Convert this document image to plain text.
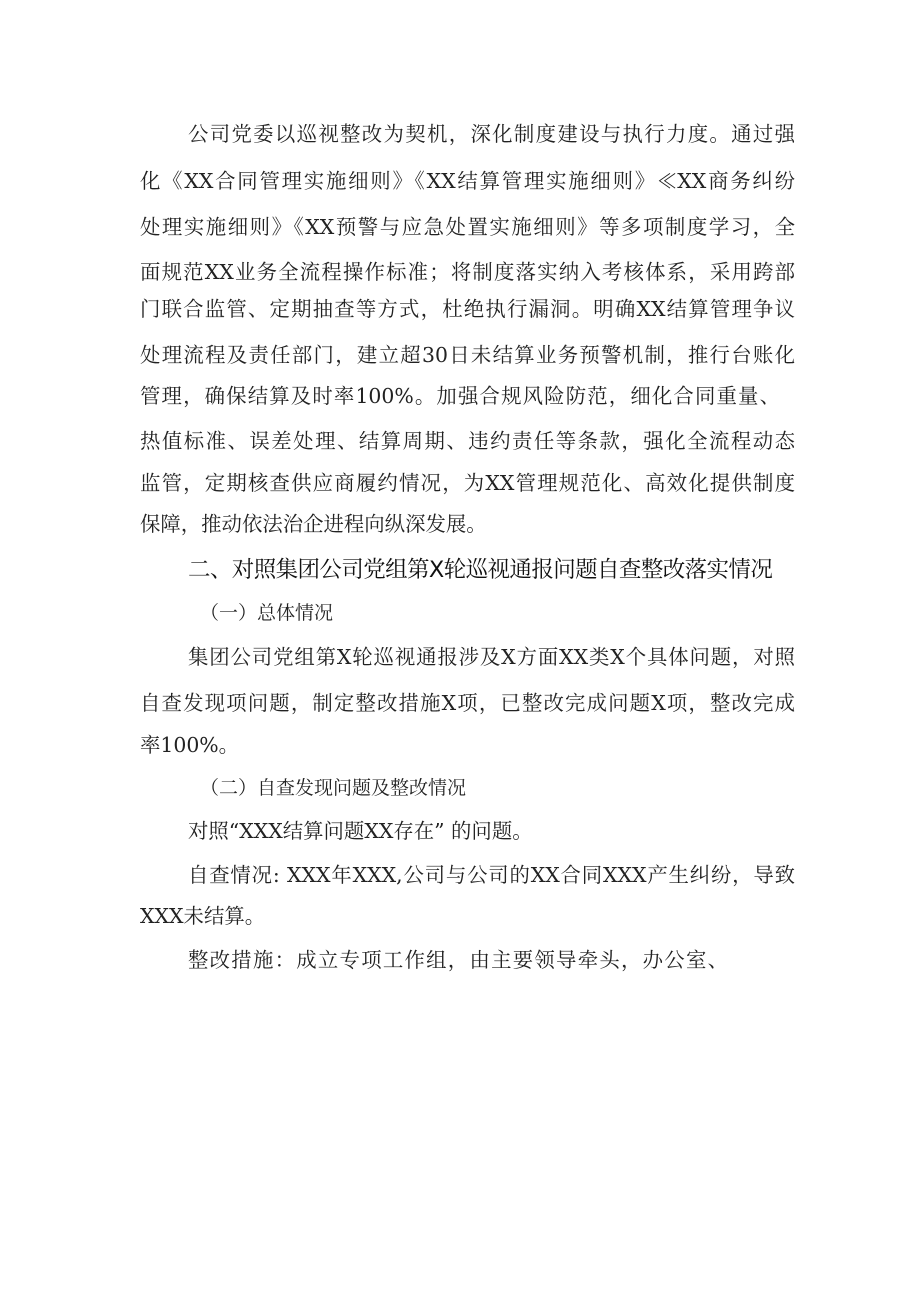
公司党委以巡视整改为契机，深化制度建设与执行力度。通过强
化《XX合同管理实施细则》《XX结算管理实施细则》≪XX商务纠纷
处理实施细则》《XX预警与应急处置实施细则》等多项制度学习，全
面规范XX业务全流程操作标准；将制度落实纳入考核体系，采用跨部
门联合监管、定期抽查等方式，杜绝执行漏洞。明确XX结算管理争议
处理流程及责任部门，建立超30日未结算业务预警机制，推行台账化
管理，确保结算及时率100%。加强合规风险防范，细化合同重量、
热值标准、误差处理、结算周期、违约责任等条款，强化全流程动态
监管，定期核查供应商履约情况，为XX管理规范化、高效化提供制度
保障，推动依法治企进程向纵深发展。
二、对照集团公司党组第X轮巡视通报问题自查整改落实情况
（一）总体情况
集团公司党组第X轮巡视通报涉及X方面XX类X个具体问题，对照
自查发现项问题，制定整改措施X项，已整改完成问题X项，整改完成
率100%。
（二）自查发现问题及整改情况
对照“XXX结算问题XX存在” 的问题。
自查情况: XXX年XXX,公司与公司的XX合同XXX产生纠纷，导致
XXX未结算。
整改措施：成立专项工作组，由主要领导牵头，办公室、
